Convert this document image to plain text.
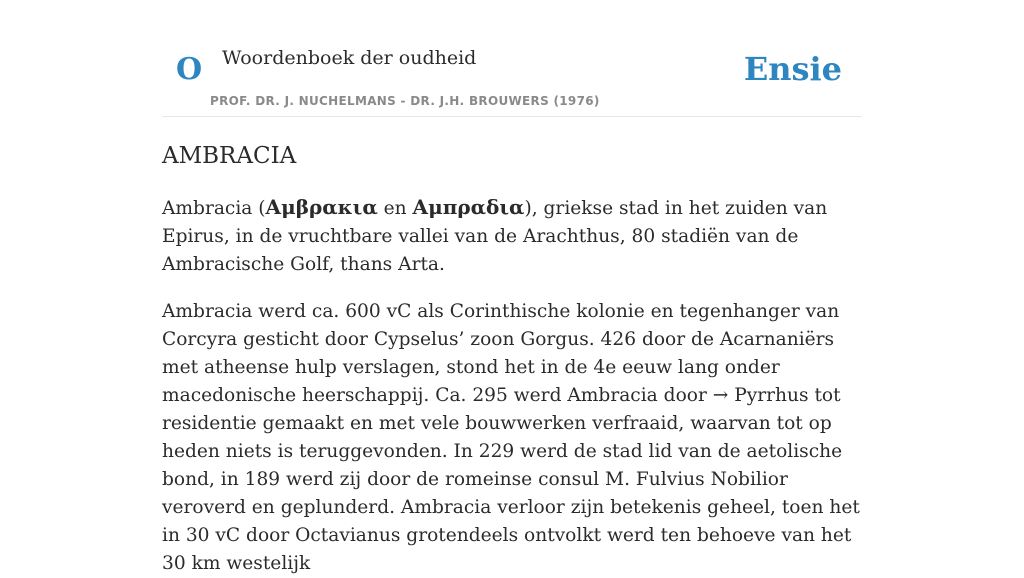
O Woordenboek der oudheid
PROF. DR. J. NUCHELMANS - DR. J.H. BROUWERS (1976)
Ensie
AMBRACIA

Ambracia (Αμβρακια en Αμπραδια), griekse stad in het zuiden van Epirus, in de vruchtbare vallei van de Arachthus, 80 stadiën van de Ambracische Golf, thans Arta.

Ambracia werd ca. 600 vC als Corinthische kolonie en tegenhanger van Corcyra gesticht door Cypselus’ zoon Gorgus. 426 door de Acarnaniërs met atheense hulp verslagen, stond het in de 4e eeuw lang onder macedonische heerschappij. Ca. 295 werd Ambracia door → Pyrrhus tot residentie gemaakt en met vele bouwwerken verfraaid, waarvan tot op heden niets is teruggevonden. In 229 werd de stad lid van de aetolische bond, in 189 werd zij door de romeinse consul M. Fulvius Nobilior veroverd en geplunderd. Ambracia verloor zijn betekenis geheel, toen het in 30 vC door Octavianus grotendeels ontvolkt werd ten behoeve van het 30 km westelijk
